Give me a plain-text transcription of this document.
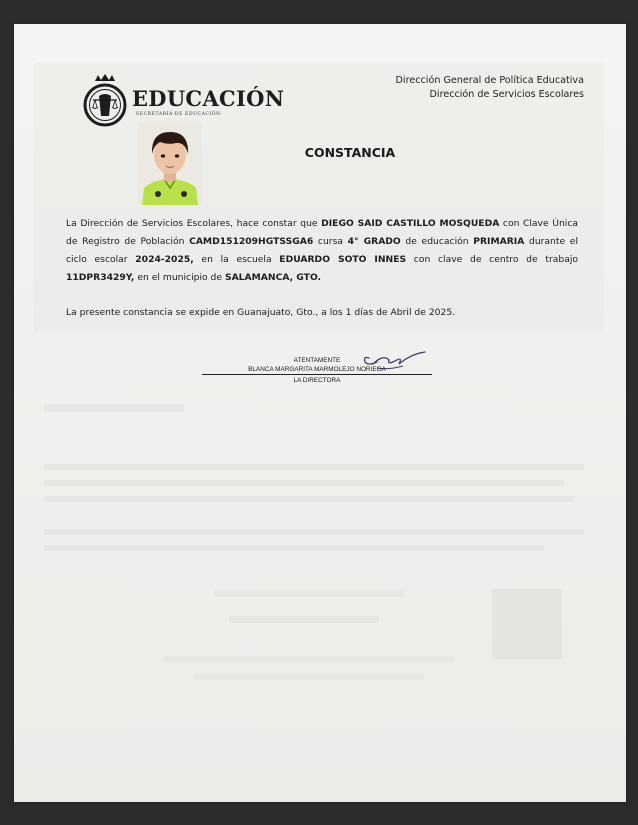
EDUCACIÓN
SECRETARÍA DE EDUCACIÓN
Dirección General de Política Educativa
Dirección de Servicios Escolares
CONSTANCIA
La Dirección de Servicios Escolares, hace constar que DIEGO SAID CASTILLO MOSQUEDA con Clave Única de Registro de Población CAMD151209HGTSSGA6 cursa 4° GRADO de educación PRIMARIA durante el ciclo escolar 2024-2025, en la escuela EDUARDO SOTO INNES con clave de centro de trabajo 11DPR3429Y, en el municipio de SALAMANCA, GTO.
La presente constancia se expide en Guanajuato, Gto., a los 1 días de Abril de 2025.
ATENTAMENTE
BLANCA MARGARITA MARMOLEJO NORIEGA
LA DIRECTORA
